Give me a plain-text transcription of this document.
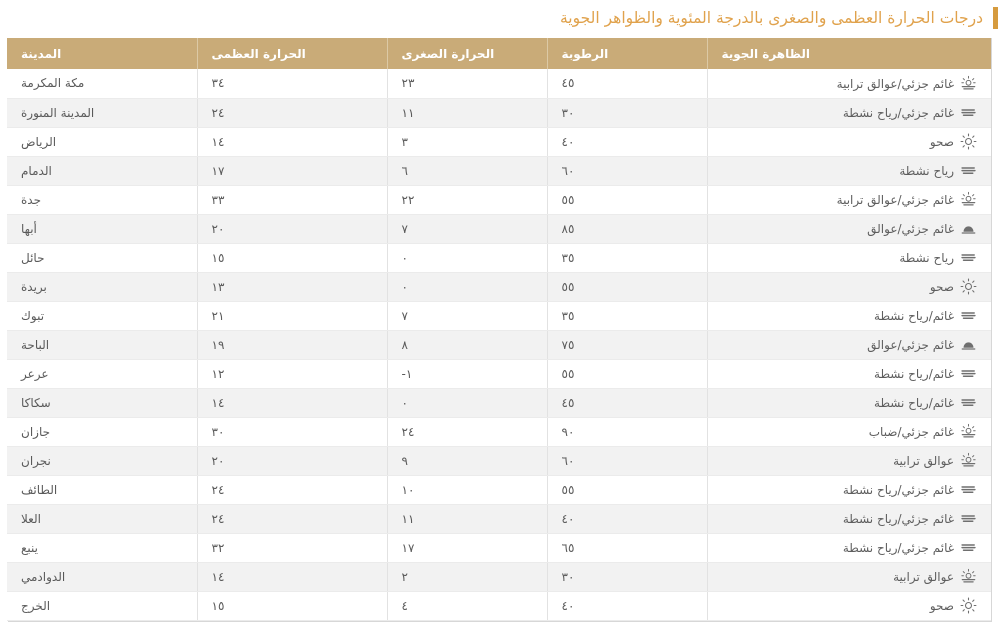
درجات الحرارة العظمى والصغرى بالدرجة المئوية والظواهر الجوية
الظاهرة الجوية	الرطوبة	الحرارة الصغرى	الحرارة العظمى	المدينة

غائم جزئي/عوالق ترابية	٤٥	٢٣	٣٤	مكة المكرمة

غائم جزئي/رياح نشطة	٣٠	١١	٢٤	المدينة المنورة

صحو	٤٠	٣	١٤	الرياض

رياح نشطة	٦٠	٦	١٧	الدمام

غائم جزئي/عوالق ترابية	٥٥	٢٢	٣٣	جدة

غائم جزئي/عوالق	٨٥	٧	٢٠	أبها

رياح نشطة	٣٥	٠	١٥	حائل

صحو	٥٥	٠	١٣	بريدة

غائم/رياح نشطة	٣٥	٧	٢١	تبوك

غائم جزئي/عوالق	٧٥	٨	١٩	الباحة

غائم/رياح نشطة	٥٥	١-	١٢	عرعر

غائم/رياح نشطة	٤٥	٠	١٤	سكاكا

غائم جزئي/ضباب	٩٠	٢٤	٣٠	جازان

عوالق ترابية	٦٠	٩	٢٠	نجران

غائم جزئي/رياح نشطة	٥٥	١٠	٢٤	الطائف

غائم جزئي/رياح نشطة	٤٠	١١	٢٤	العلا

غائم جزئي/رياح نشطة	٦٥	١٧	٣٢	ينبع

عوالق ترابية	٣٠	٢	١٤	الدوادمي

صحو	٤٠	٤	١٥	الخرج
